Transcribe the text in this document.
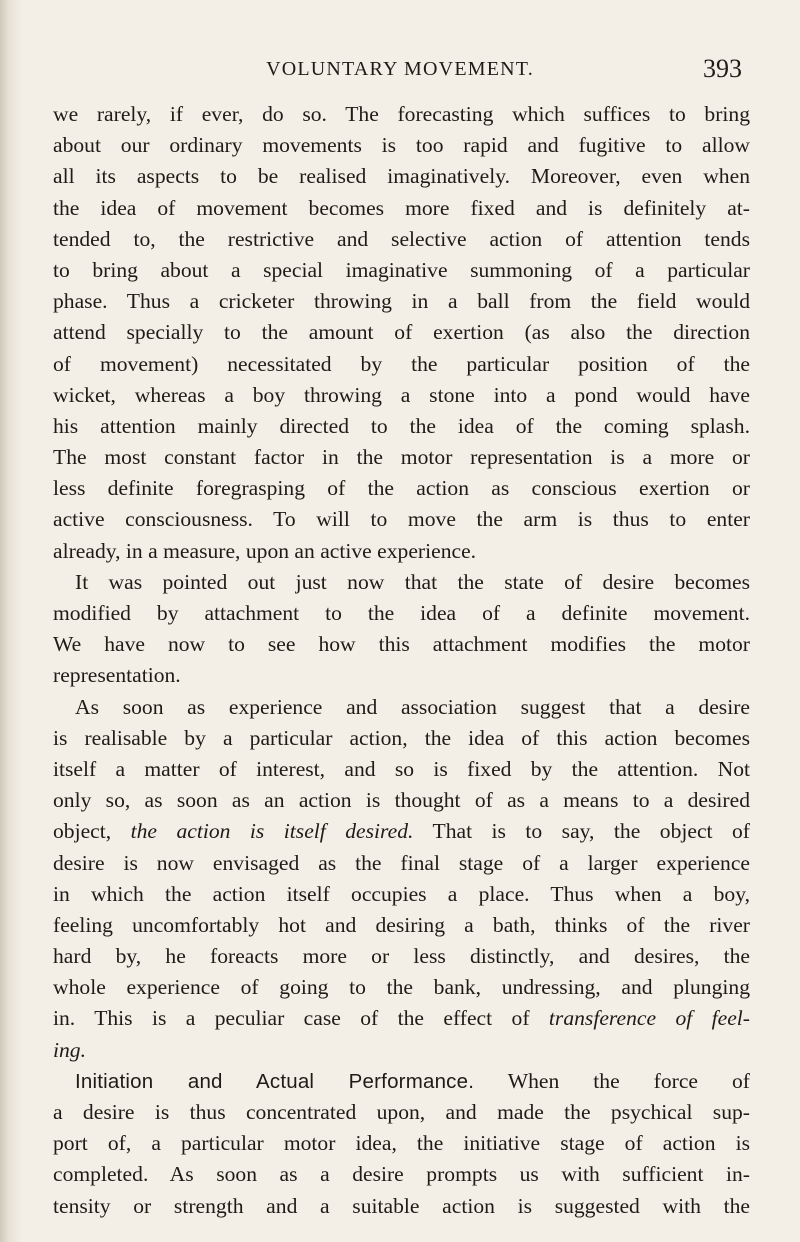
VOLUNTARY MOVEMENT.	393
we rarely, if ever, do so. The forecasting which suffices to bring
about our ordinary movements is too rapid and fugitive to allow
all its aspects to be realised imaginatively. Moreover, even when
the idea of movement becomes more fixed and is definitely at-
tended to, the restrictive and selective action of attention tends
to bring about a special imaginative summoning of a particular
phase. Thus a cricketer throwing in a ball from the field would
attend specially to the amount of exertion (as also the direction
of movement) necessitated by the particular position of the
wicket, whereas a boy throwing a stone into a pond would have
his attention mainly directed to the idea of the coming splash.
The most constant factor in the motor representation is a more or
less definite foregrasping of the action as conscious exertion or
active consciousness. To will to move the arm is thus to enter
already, in a measure, upon an active experience.
It was pointed out just now that the state of desire becomes
modified by attachment to the idea of a definite movement.
We have now to see how this attachment modifies the motor
representation.
As soon as experience and association suggest that a desire
is realisable by a particular action, the idea of this action becomes
itself a matter of interest, and so is fixed by the attention. Not
only so, as soon as an action is thought of as a means to a desired
object, the action is itself desired. That is to say, the object of
desire is now envisaged as the final stage of a larger experience
in which the action itself occupies a place. Thus when a boy,
feeling uncomfortably hot and desiring a bath, thinks of the river
hard by, he foreacts more or less distinctly, and desires, the
whole experience of going to the bank, undressing, and plunging
in. This is a peculiar case of the effect of transference of feel-
ing.
Initiation and Actual Performance. When the force of
a desire is thus concentrated upon, and made the psychical sup-
port of, a particular motor idea, the initiative stage of action is
completed. As soon as a desire prompts us with sufficient in-
tensity or strength and a suitable action is suggested with the
